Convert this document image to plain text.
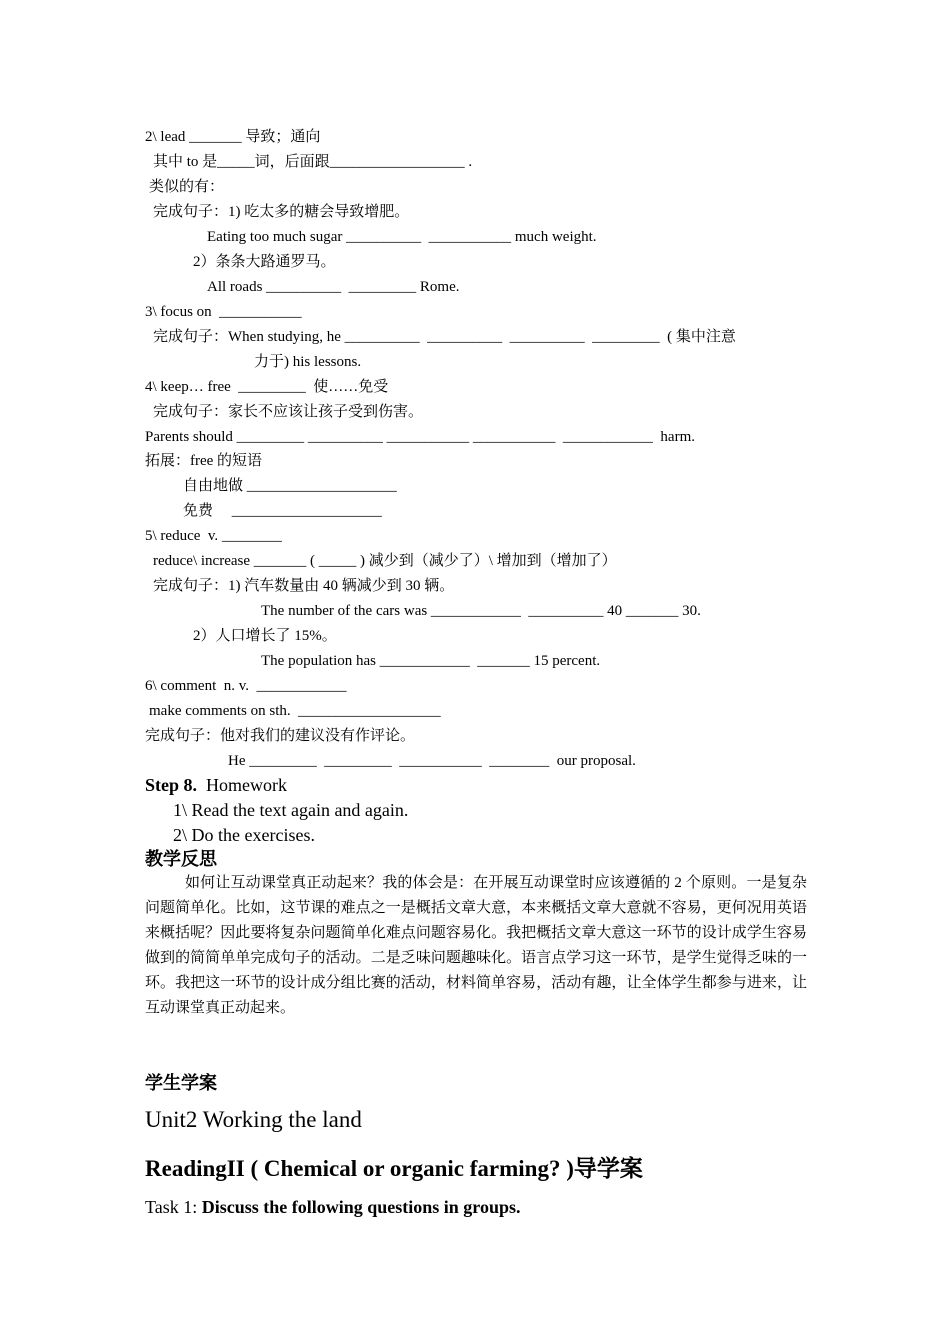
2\ lead _______ 导致；通向
其中 to 是_____词，后面跟__________________ .
类似的有：
完成句子：1) 吃太多的糖会导致增肥。
Eating too much sugar __________  ___________ much weight.
2）条条大路通罗马。
All roads __________  _________ Rome.
3\ focus on  ___________
完成句子：When studying, he __________  __________  __________  _________  ( 集中注意
力于) his lessons.
4\ keep… free  _________  使……免受
完成句子：家长不应该让孩子受到伤害。
Parents should _________ __________ ___________ ___________  ____________  harm.
拓展：free 的短语
自由地做 ____________________
免费     ____________________
5\ reduce  v. ________
reduce\ increase _______ ( _____ ) 减少到（减少了）\ 增加到（增加了）
完成句子：1) 汽车数量由 40 辆减少到 30 辆。
The number of the cars was ____________  __________ 40 _______ 30.
2）人口增长了 15%。
The population has ____________  _______ 15 percent.
6\ comment  n. v.  ____________
make comments on sth.  ___________________
完成句子：他对我们的建议没有作评论。
He _________  _________  ___________  ________  our proposal.
Step 8. Homework
1\ Read the text again and again.
2\ Do the exercises.
教学反思
如何让互动课堂真正动起来？我的体会是：在开展互动课堂时应该遵循的 2 个原则。一是复杂问题简单化。比如，这节课的难点之一是概括文章大意，本来概括文章大意就不容易，更何况用英语来概括呢？因此要将复杂问题简单化难点问题容易化。我把概括文章大意这一环节的设计成学生容易做到的简简单单完成句子的活动。二是乏味问题趣味化。语言点学习这一环节，是学生觉得乏味的一环。我把这一环节的设计成分组比赛的活动，材料简单容易，活动有趣，让全体学生都参与进来，让互动课堂真正动起来。
学生学案
Unit2 Working the land
ReadingII ( Chemical or organic farming? )导学案
Task 1: Discuss the following questions in groups.
